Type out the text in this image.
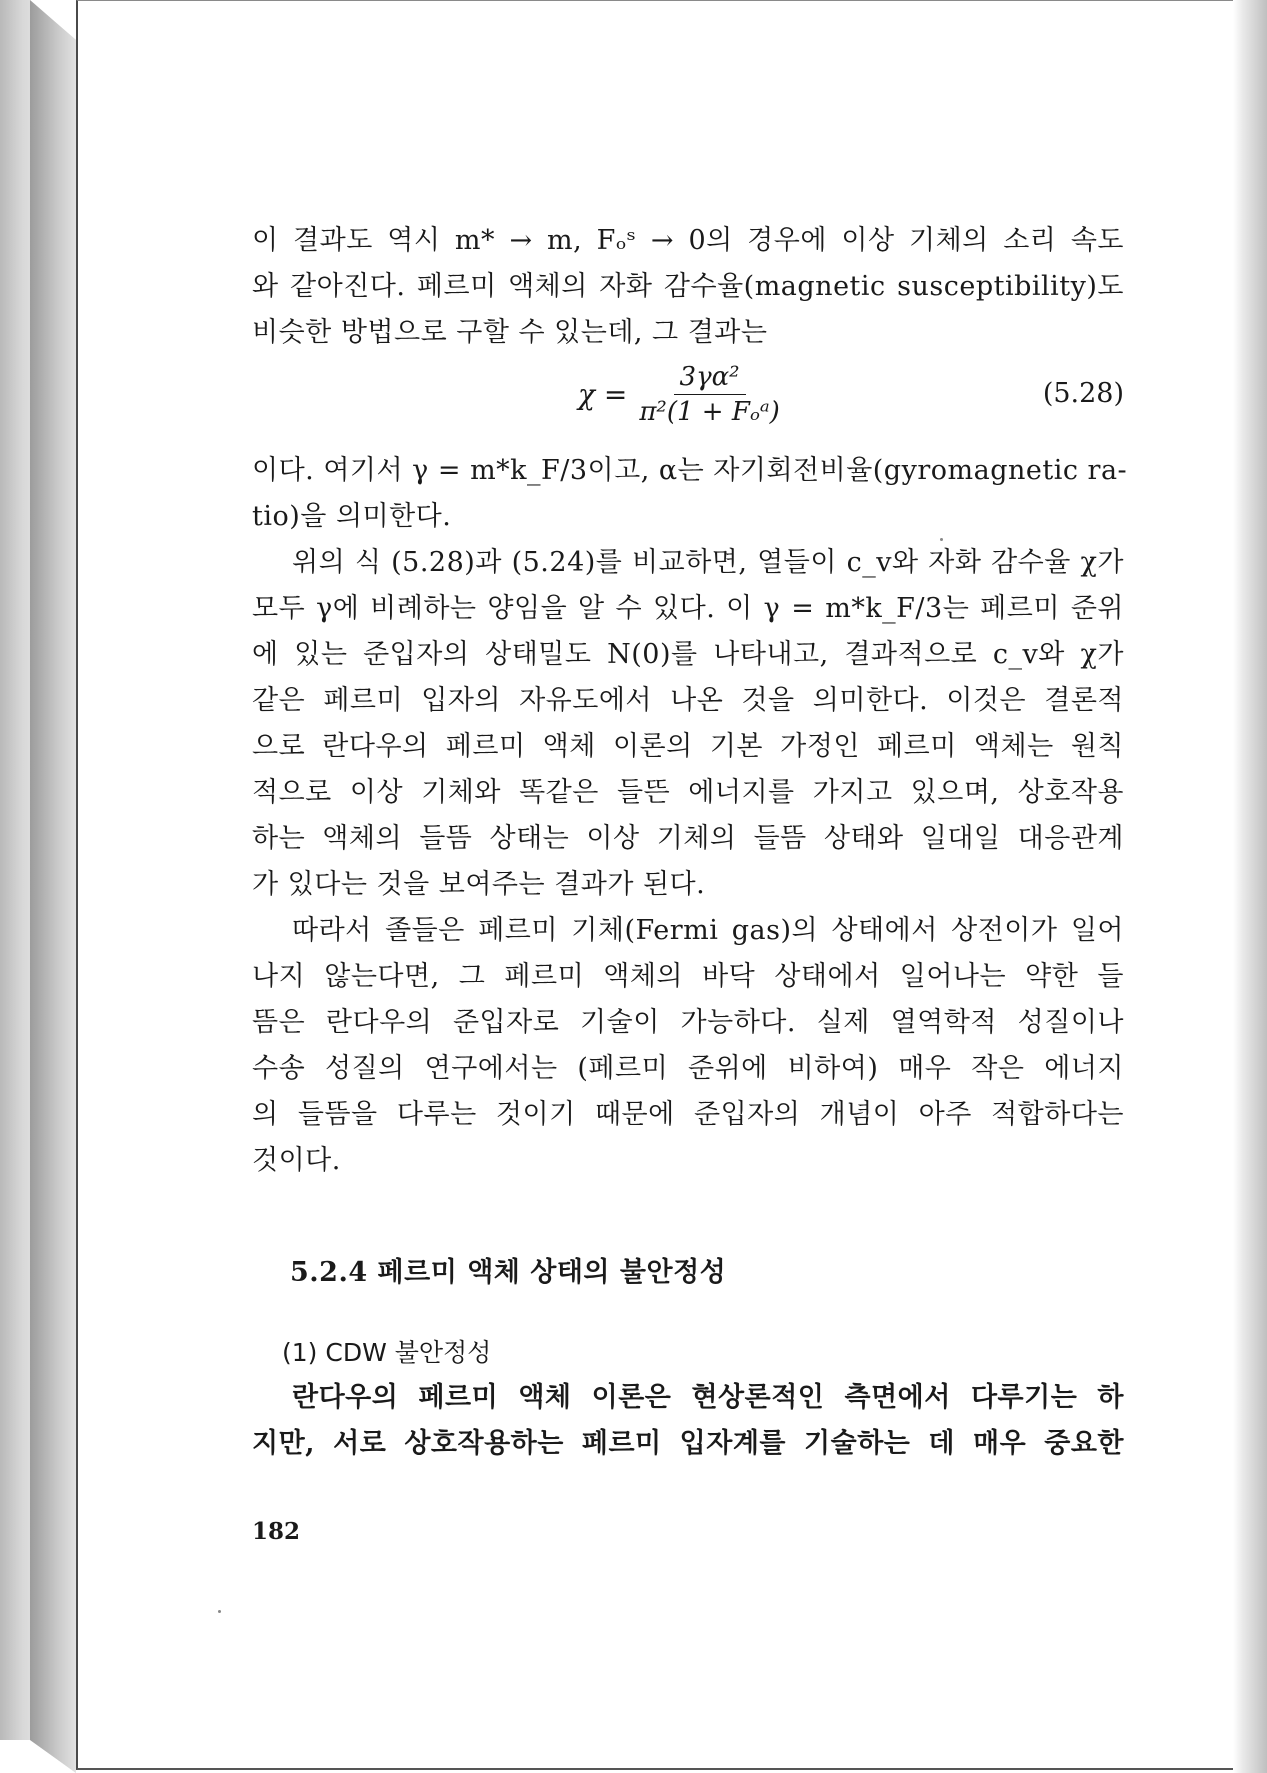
이 결과도 역시 m* → m, Fₒˢ → 0의 경우에 이상 기체의 소리 속도
와 같아진다. 페르미 액체의 자화 감수율(magnetic susceptibility)도
비슷한 방법으로 구할 수 있는데, 그 결과는
$\chi = \frac{\text{3γα²}}{\text{π²(1 + Fₒᵃ)}}$	(5.28)
이다. 여기서 γ = m*k_F/3이고, α는 자기회전비율(gyromagnetic ra-
tio)을 의미한다.
위의 식 (5.28)과 (5.24)를 비교하면, 열들이 c_v와 자화 감수율 χ가
모두 γ에 비례하는 양임을 알 수 있다. 이 γ = m*k_F/3는 페르미 준위
에 있는 준입자의 상태밀도 N(0)를 나타내고, 결과적으로 c_v와 χ가
같은 페르미 입자의 자유도에서 나온 것을 의미한다. 이것은 결론적
으로 란다우의 페르미 액체 이론의 기본 가정인 페르미 액체는 원칙
적으로 이상 기체와 똑같은 들뜬 에너지를 가지고 있으며, 상호작용
하는 액체의 들뜸 상태는 이상 기체의 들뜸 상태와 일대일 대응관계
가 있다는 것을 보여주는 결과가 된다.
따라서 졸들은 페르미 기체(Fermi gas)의 상태에서 상전이가 일어
나지 않는다면, 그 페르미 액체의 바닥 상태에서 일어나는 약한 들
뜸은 란다우의 준입자로 기술이 가능하다. 실제 열역학적 성질이나
수송 성질의 연구에서는 (페르미 준위에 비하여) 매우 작은 에너지
의 들뜸을 다루는 것이기 때문에 준입자의 개념이 아주 적합하다는
것이다.
5.2.4 페르미 액체 상태의 불안정성
(1) CDW 불안정성
란다우의 페르미 액체 이론은 현상론적인 측면에서 다루기는 하
지만, 서로 상호작용하는 페르미 입자계를 기술하는 데 매우 중요한
182
